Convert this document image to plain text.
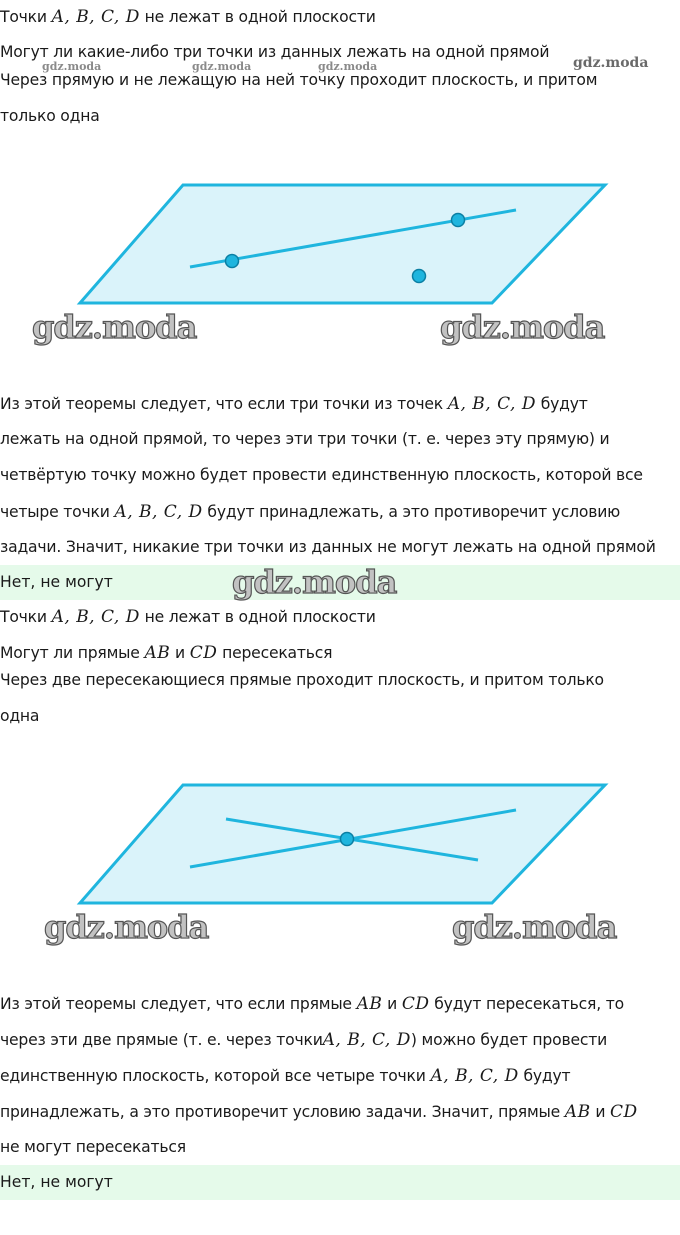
Точки A, B, C, D не лежат в одной плоскости
Могут ли какие-либо три точки из данных лежать на одной прямой
gdz.moda	gdz.moda	gdz.moda	gdz.moda
Через прямую и не лежащую на ней точку проходит плоскость, и притом
только одна
gdz.moda	gdz.moda
Из этой теоремы следует, что если три точки из точек A, B, C, D будут
лежать на одной прямой, то через эти три точки (т. е. через эту прямую) и
четвёртую точку можно будет провести единственную плоскость, которой все
четыре точки A, B, C, D будут принадлежать, а это противоречит условию
задачи. Значит, никакие три точки из данных не могут лежать на одной прямой
Нет, не могут	gdz.moda
Точки A, B, C, D не лежат в одной плоскости
Могут ли прямые AB и CD пересекаться
Через две пересекающиеся прямые проходит плоскость, и притом только
одна
gdz.moda	gdz.moda
Из этой теоремы следует, что если прямые AB и CD будут пересекаться, то
через эти две прямые (т. е. через точкиA, B, C, D) можно будет провести
единственную плоскость, которой все четыре точки A, B, C, D будут
принадлежать, а это противоречит условию задачи. Значит, прямые AB и CD
не могут пересекаться
Нет, не могут
